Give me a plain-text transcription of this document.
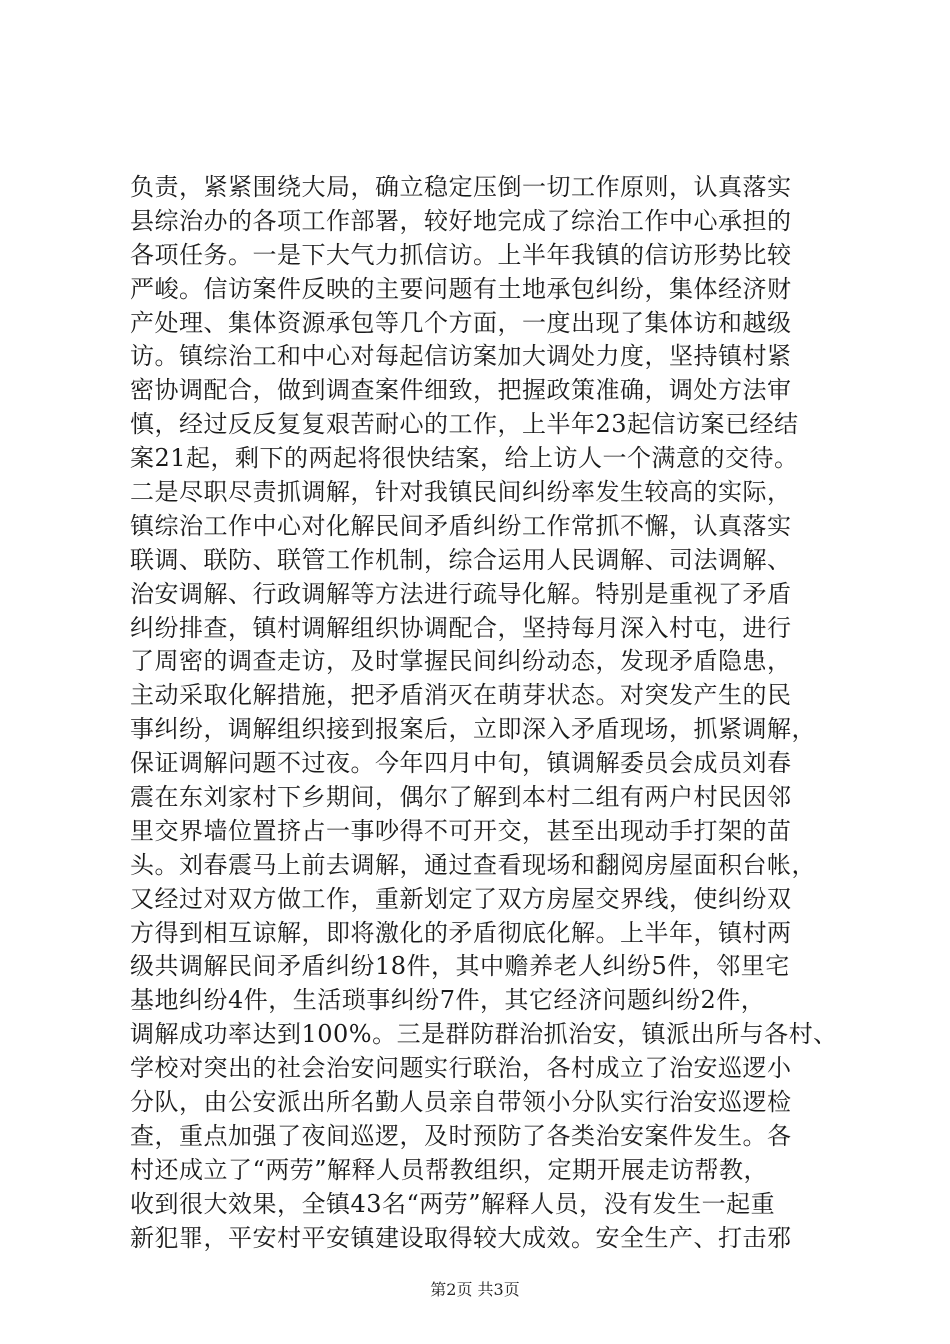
负责，紧紧围绕大局，确立稳定压倒一切工作原则，认真落实
县综治办的各项工作部署，较好地完成了综治工作中心承担的
各项任务。一是下大气力抓信访。上半年我镇的信访形势比较
严峻。信访案件反映的主要问题有土地承包纠纷，集体经济财
产处理、集体资源承包等几个方面，一度出现了集体访和越级
访。镇综治工和中心对每起信访案加大调处力度，坚持镇村紧
密协调配合，做到调查案件细致，把握政策准确，调处方法审
慎，经过反反复复艰苦耐心的工作，上半年23起信访案已经结
案21起，剩下的两起将很快结案，给上访人一个满意的交待。
二是尽职尽责抓调解，针对我镇民间纠纷率发生较高的实际，
镇综治工作中心对化解民间矛盾纠纷工作常抓不懈，认真落实
联调、联防、联管工作机制，综合运用人民调解、司法调解、
治安调解、行政调解等方法进行疏导化解。特别是重视了矛盾
纠纷排查，镇村调解组织协调配合，坚持每月深入村屯，进行
了周密的调查走访，及时掌握民间纠纷动态，发现矛盾隐患，
主动采取化解措施，把矛盾消灭在萌芽状态。对突发产生的民
事纠纷，调解组织接到报案后，立即深入矛盾现场，抓紧调解，
保证调解问题不过夜。今年四月中旬，镇调解委员会成员刘春
震在东刘家村下乡期间，偶尔了解到本村二组有两户村民因邻
里交界墙位置挤占一事吵得不可开交，甚至出现动手打架的苗
头。刘春震马上前去调解，通过查看现场和翻阅房屋面积台帐，
又经过对双方做工作，重新划定了双方房屋交界线，使纠纷双
方得到相互谅解，即将激化的矛盾彻底化解。上半年，镇村两
级共调解民间矛盾纠纷18件，其中赡养老人纠纷5件，邻里宅
基地纠纷4件，生活琐事纠纷7件，其它经济问题纠纷2件，
调解成功率达到100%。三是群防群治抓治安，镇派出所与各村、
学校对突出的社会治安问题实行联治，各村成立了治安巡逻小
分队，由公安派出所名勤人员亲自带领小分队实行治安巡逻检
查，重点加强了夜间巡逻，及时预防了各类治安案件发生。各
村还成立了“两劳”解释人员帮教组织，定期开展走访帮教，
收到很大效果，全镇43名“两劳”解释人员，没有发生一起重
新犯罪，平安村平安镇建设取得较大成效。安全生产、打击邪
第2页 共3页
